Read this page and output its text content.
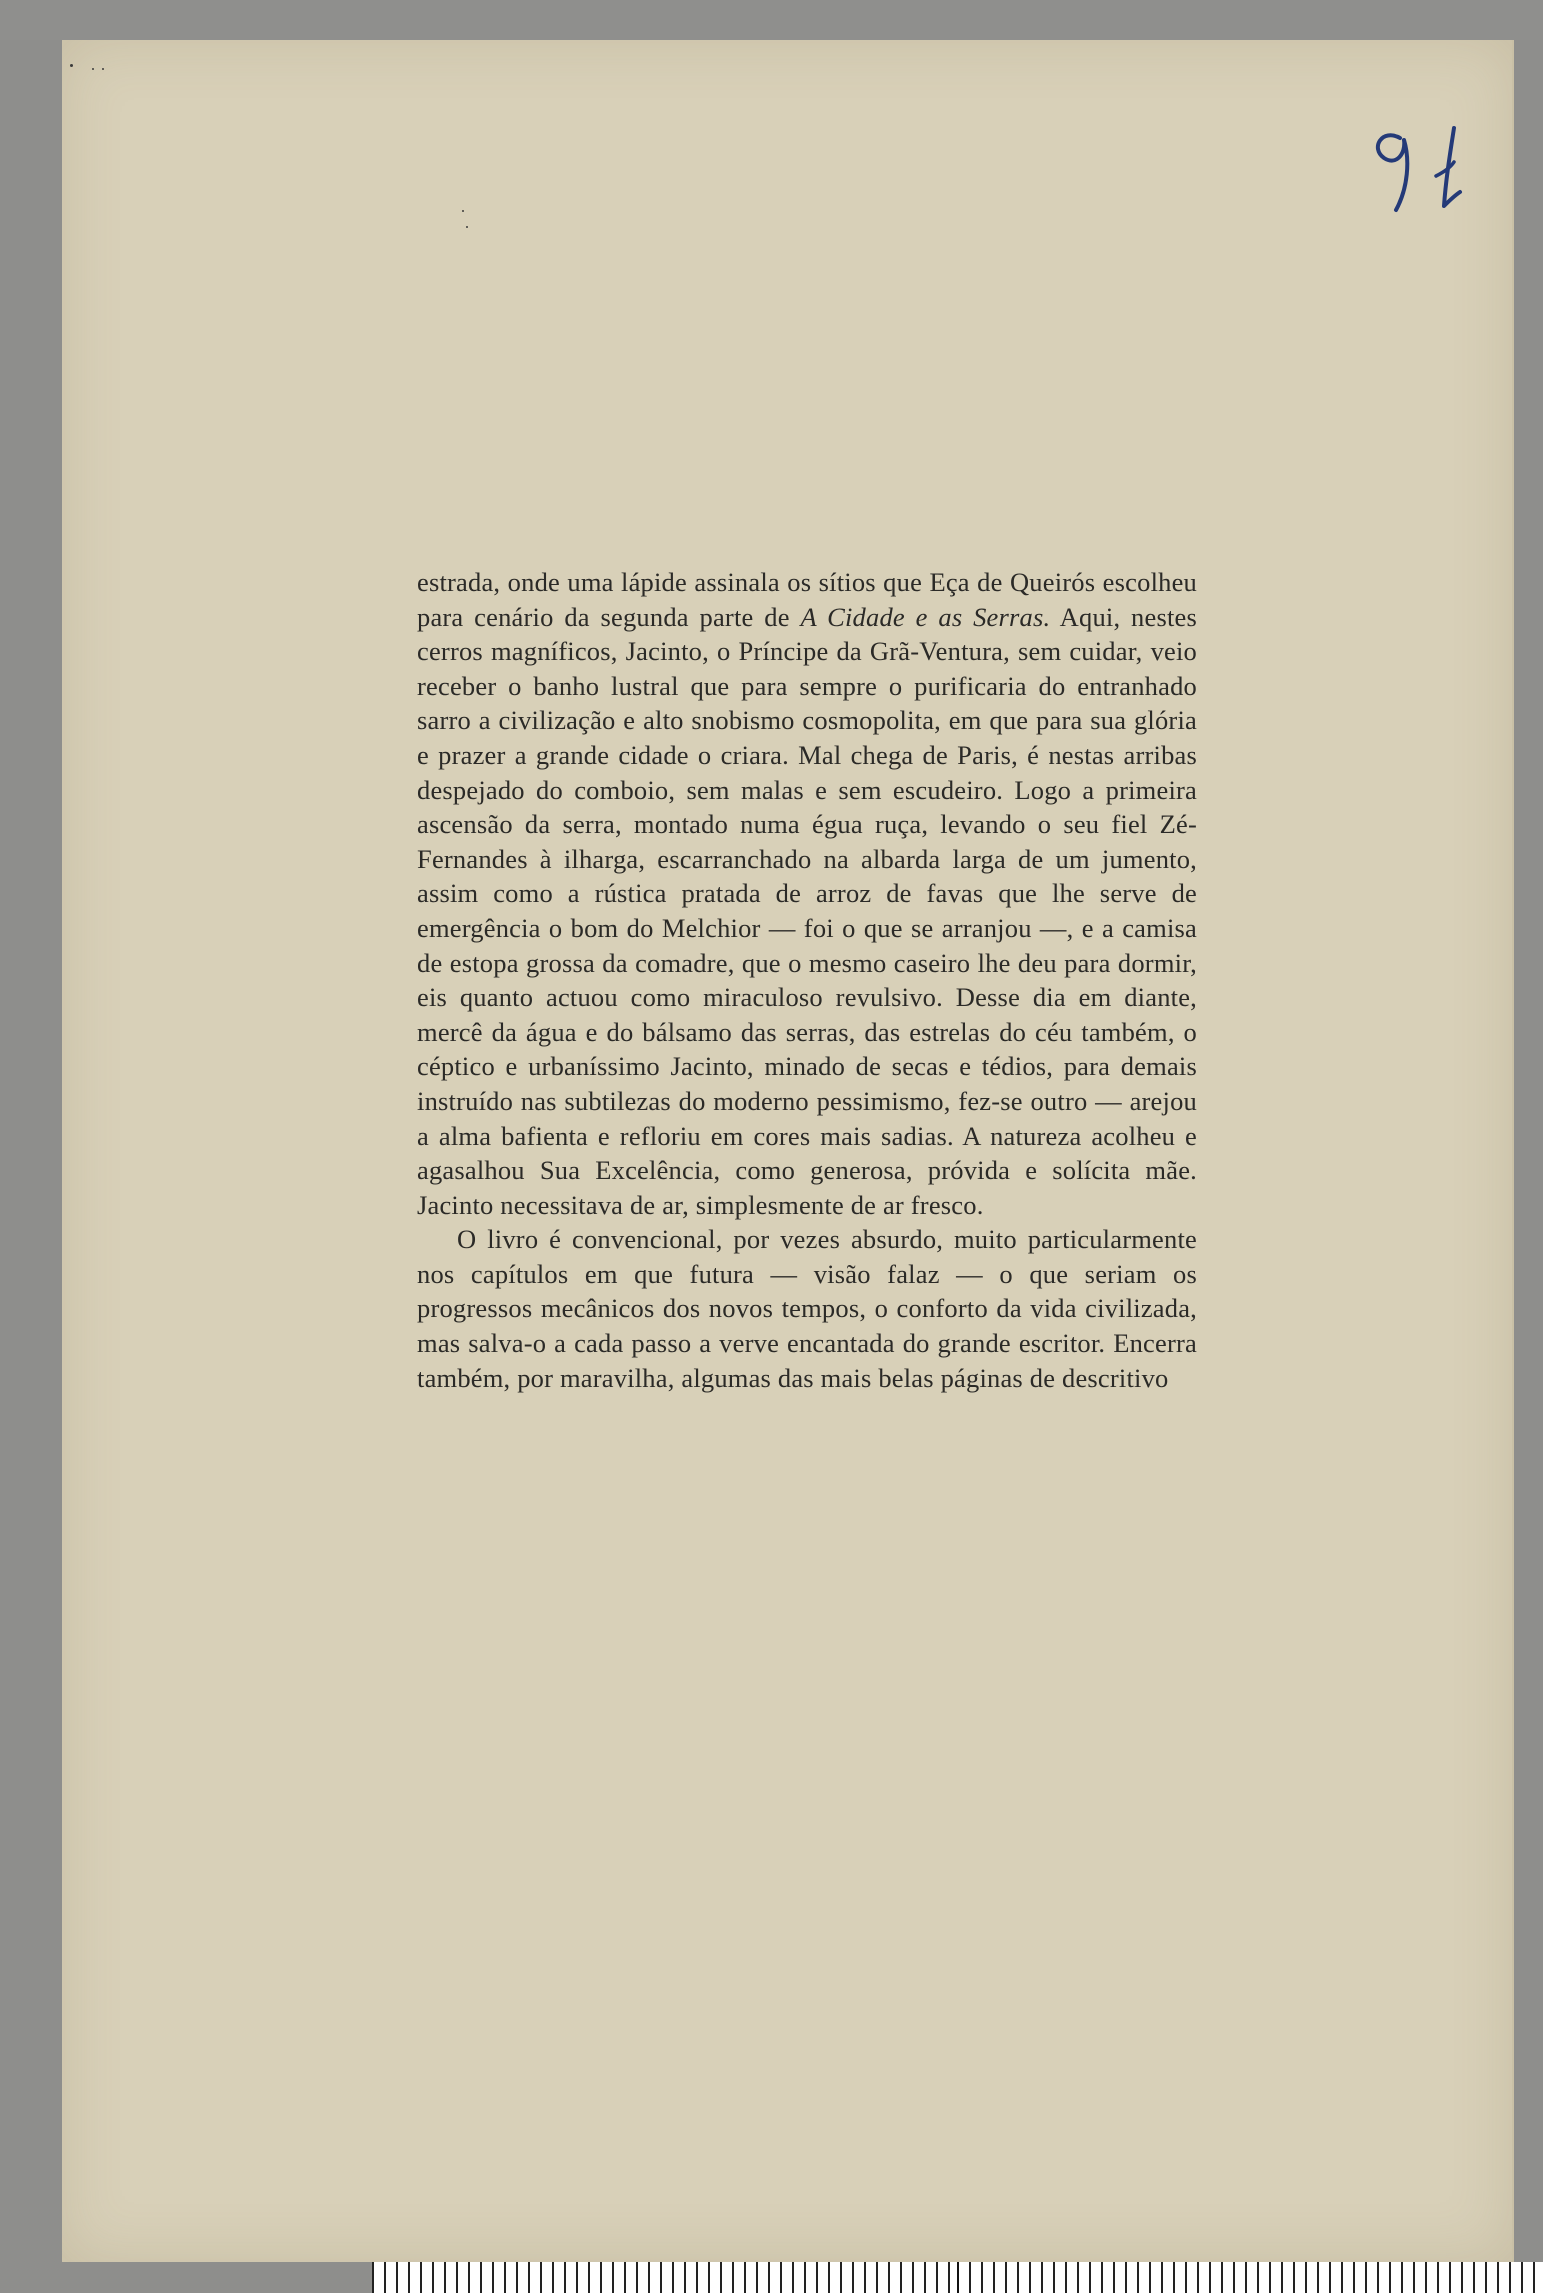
estrada, onde uma lápide assinala os sítios que Eça de Queirós escolheu para cenário da segunda parte de A Cidade e as Serras. Aqui, nestes cerros magníficos, Jacinto, o Príncipe da Grã-Ventura, sem cuidar, veio receber o banho lustral que para sempre o purificaria do entranhado sarro a civilização e alto snobismo cosmopolita, em que para sua glória e prazer a grande cidade o criara. Mal chega de Paris, é nestas arribas despejado do comboio, sem malas e sem escudeiro. Logo a primeira ascensão da serra, montado numa égua ruça, levando o seu fiel Zé-Fernandes à ilharga, escarranchado na albarda larga de um jumento, assim como a rústica pratada de arroz de favas que lhe serve de emergência o bom do Melchior — foi o que se arranjou —, e a camisa de estopa grossa da comadre, que o mesmo caseiro lhe deu para dormir, eis quanto actuou como miraculoso revulsivo. Desse dia em diante, mercê da água e do bálsamo das serras, das estrelas do céu também, o céptico e urbaníssimo Jacinto, minado de secas e tédios, para demais instruído nas subtilezas do moderno pessimismo, fez-se outro — arejou a alma bafienta e refloriu em cores mais sadias. A natureza acolheu e agasalhou Sua Excelência, como generosa, próvida e solícita mãe. Jacinto necessitava de ar, simplesmente de ar fresco.

O livro é convencional, por vezes absurdo, muito particularmente nos capítulos em que futura — visão falaz — o que seriam os progressos mecânicos dos novos tempos, o conforto da vida civilizada, mas salva-o a cada passo a verve encantada do grande escritor. Encerra também, por maravilha, algumas das mais belas páginas de descritivo
